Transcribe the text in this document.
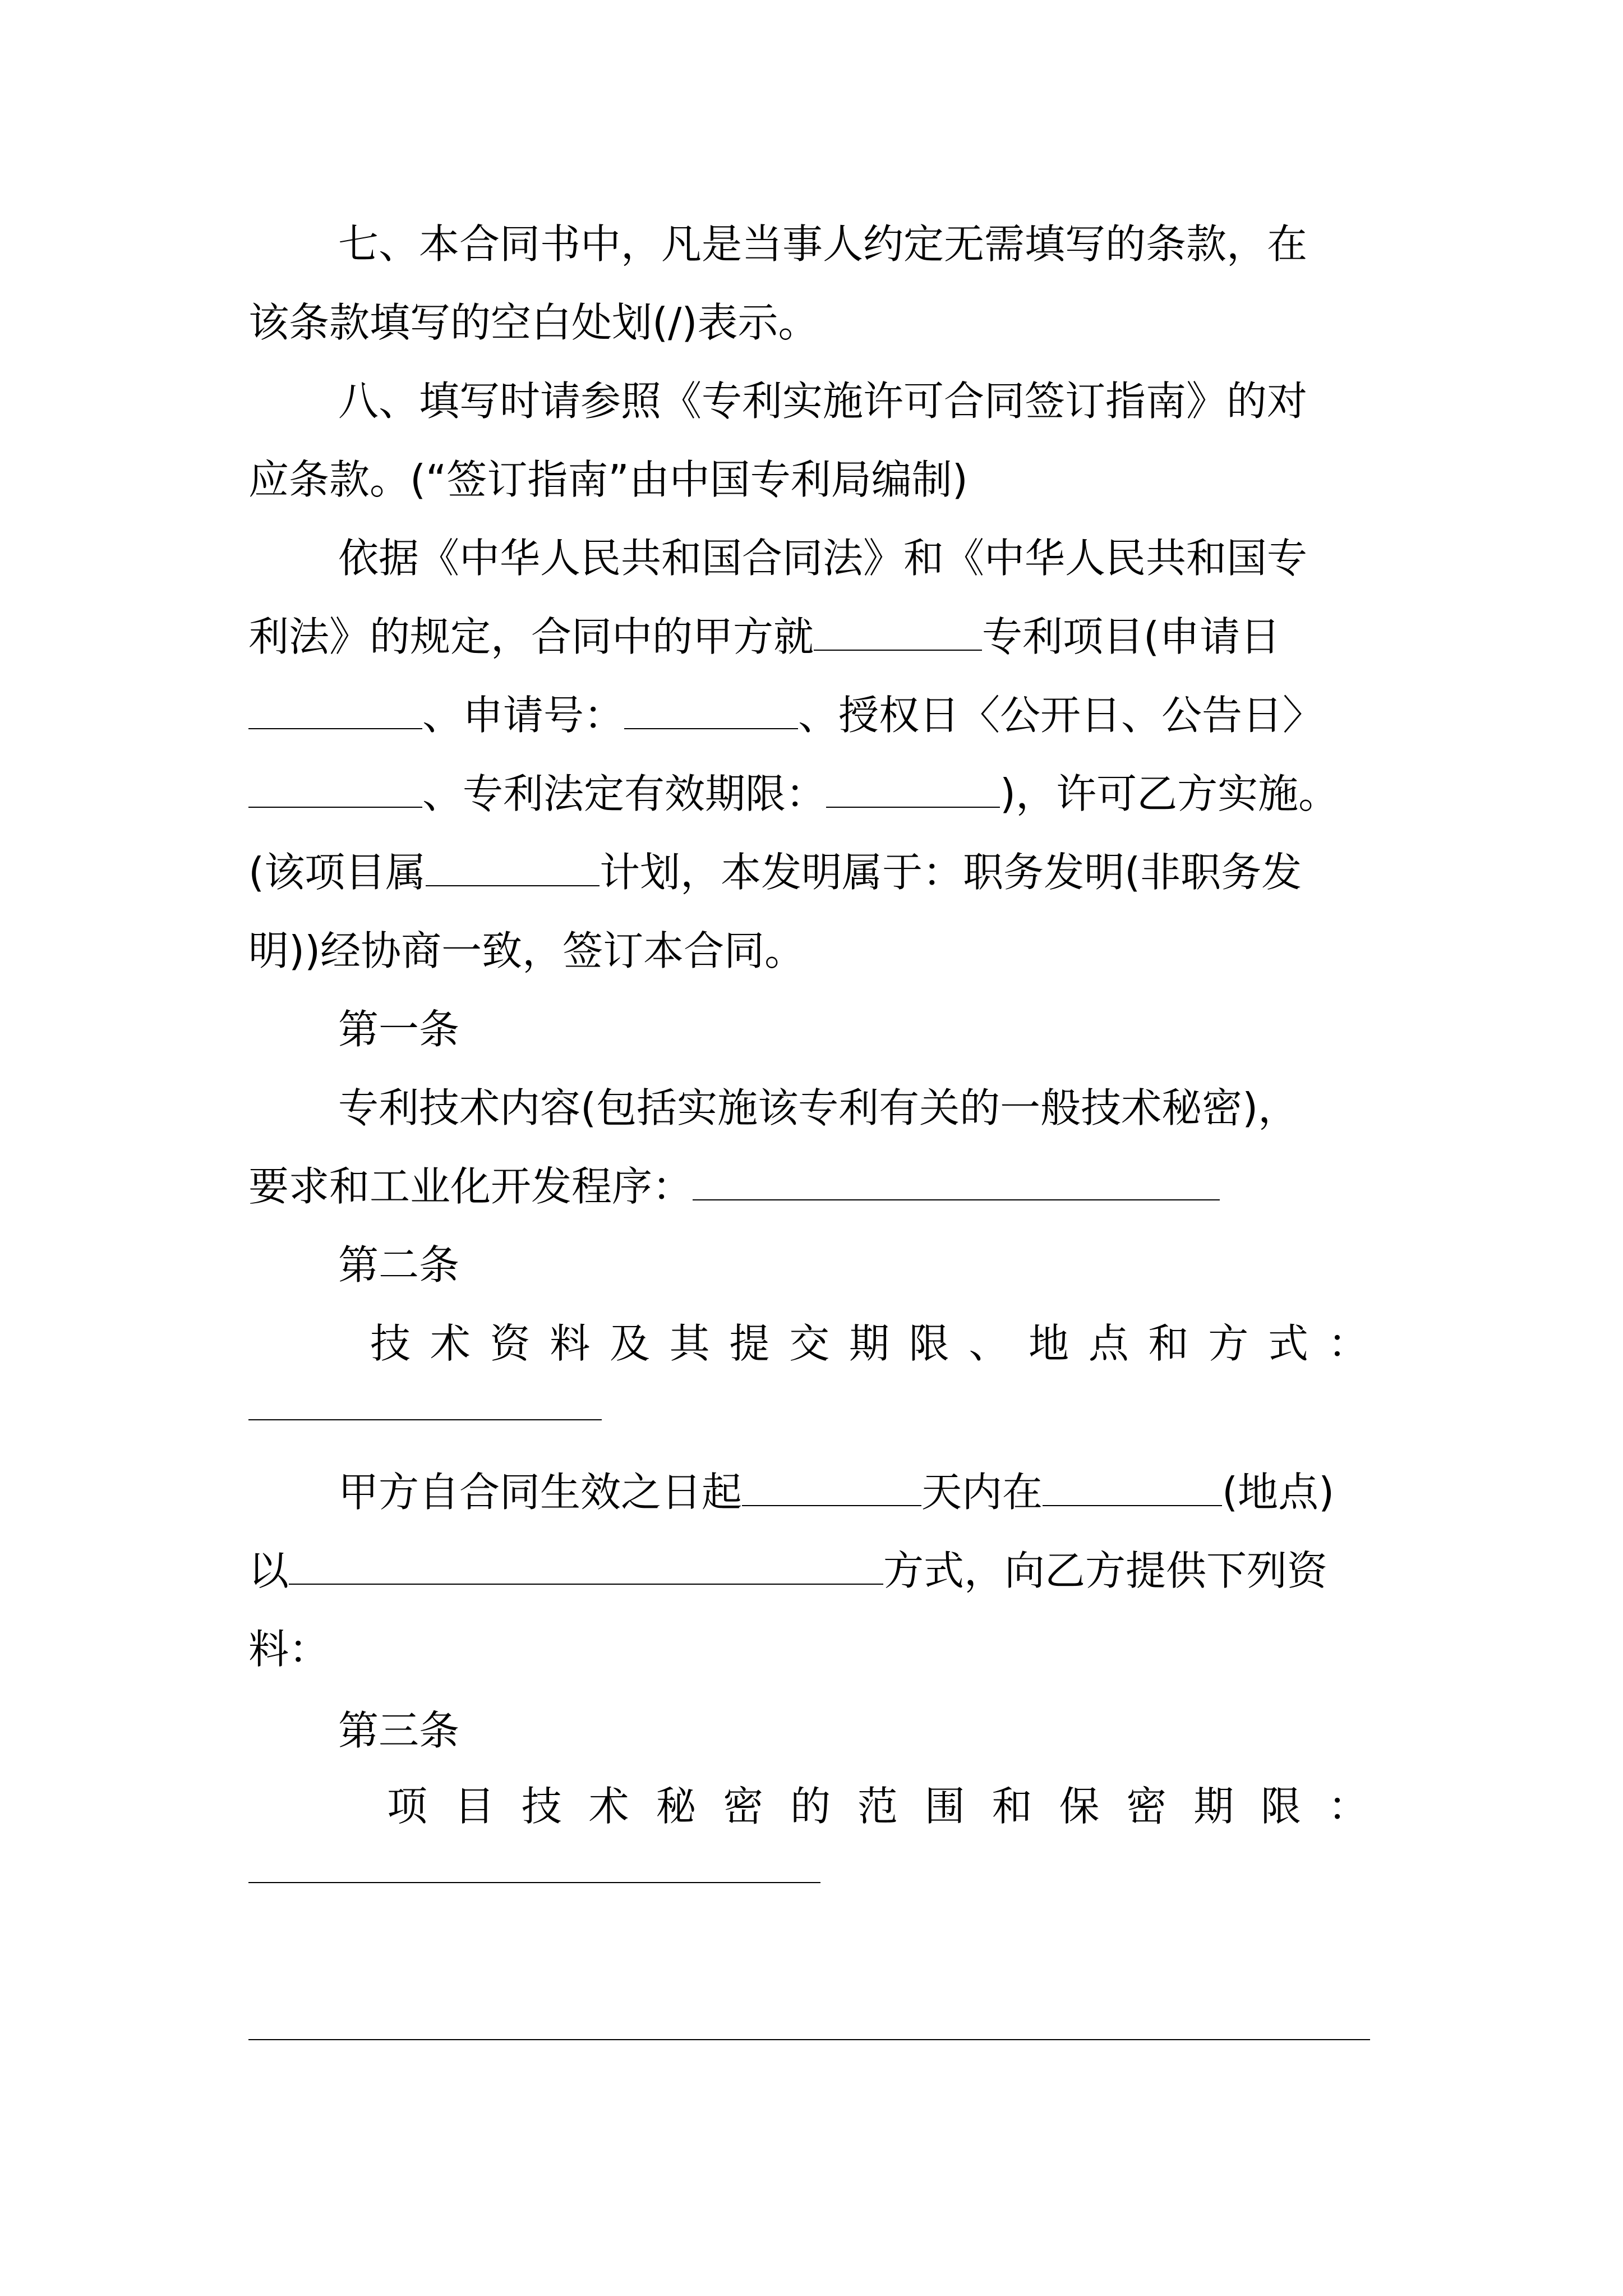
七、本合同书中，凡是当事人约定无需填写的条款，在
该条款填写的空白处划(/)表示。
八、填写时请参照《专利实施许可合同签订指南》的对
应条款。(“签订指南”由中国专利局编制)
依据《中华人民共和国合同法》和《中华人民共和国专
利法》的规定，合同中的甲方就	专利项目(申请日
、申请号：	、授权日〈公开日、公告日〉
、专利法定有效期限：	)，许可乙方实施。
(该项目属	计划，本发明属于：职务发明(非职务发
明))经协商一致，签订本合同。
第一条
专利技术内容(包括实施该专利有关的一般技术秘密)，
要求和工业化开发程序：
第二条
技 术 资 料 及 其 提 交 期 限 、 地 点 和 方 式 ：
甲方自合同生效之日起	天内在	(地点)
以	方式，向乙方提供下列资
料：
第三条
项 目 技 术 秘 密 的 范 围 和 保 密 期 限 ：
